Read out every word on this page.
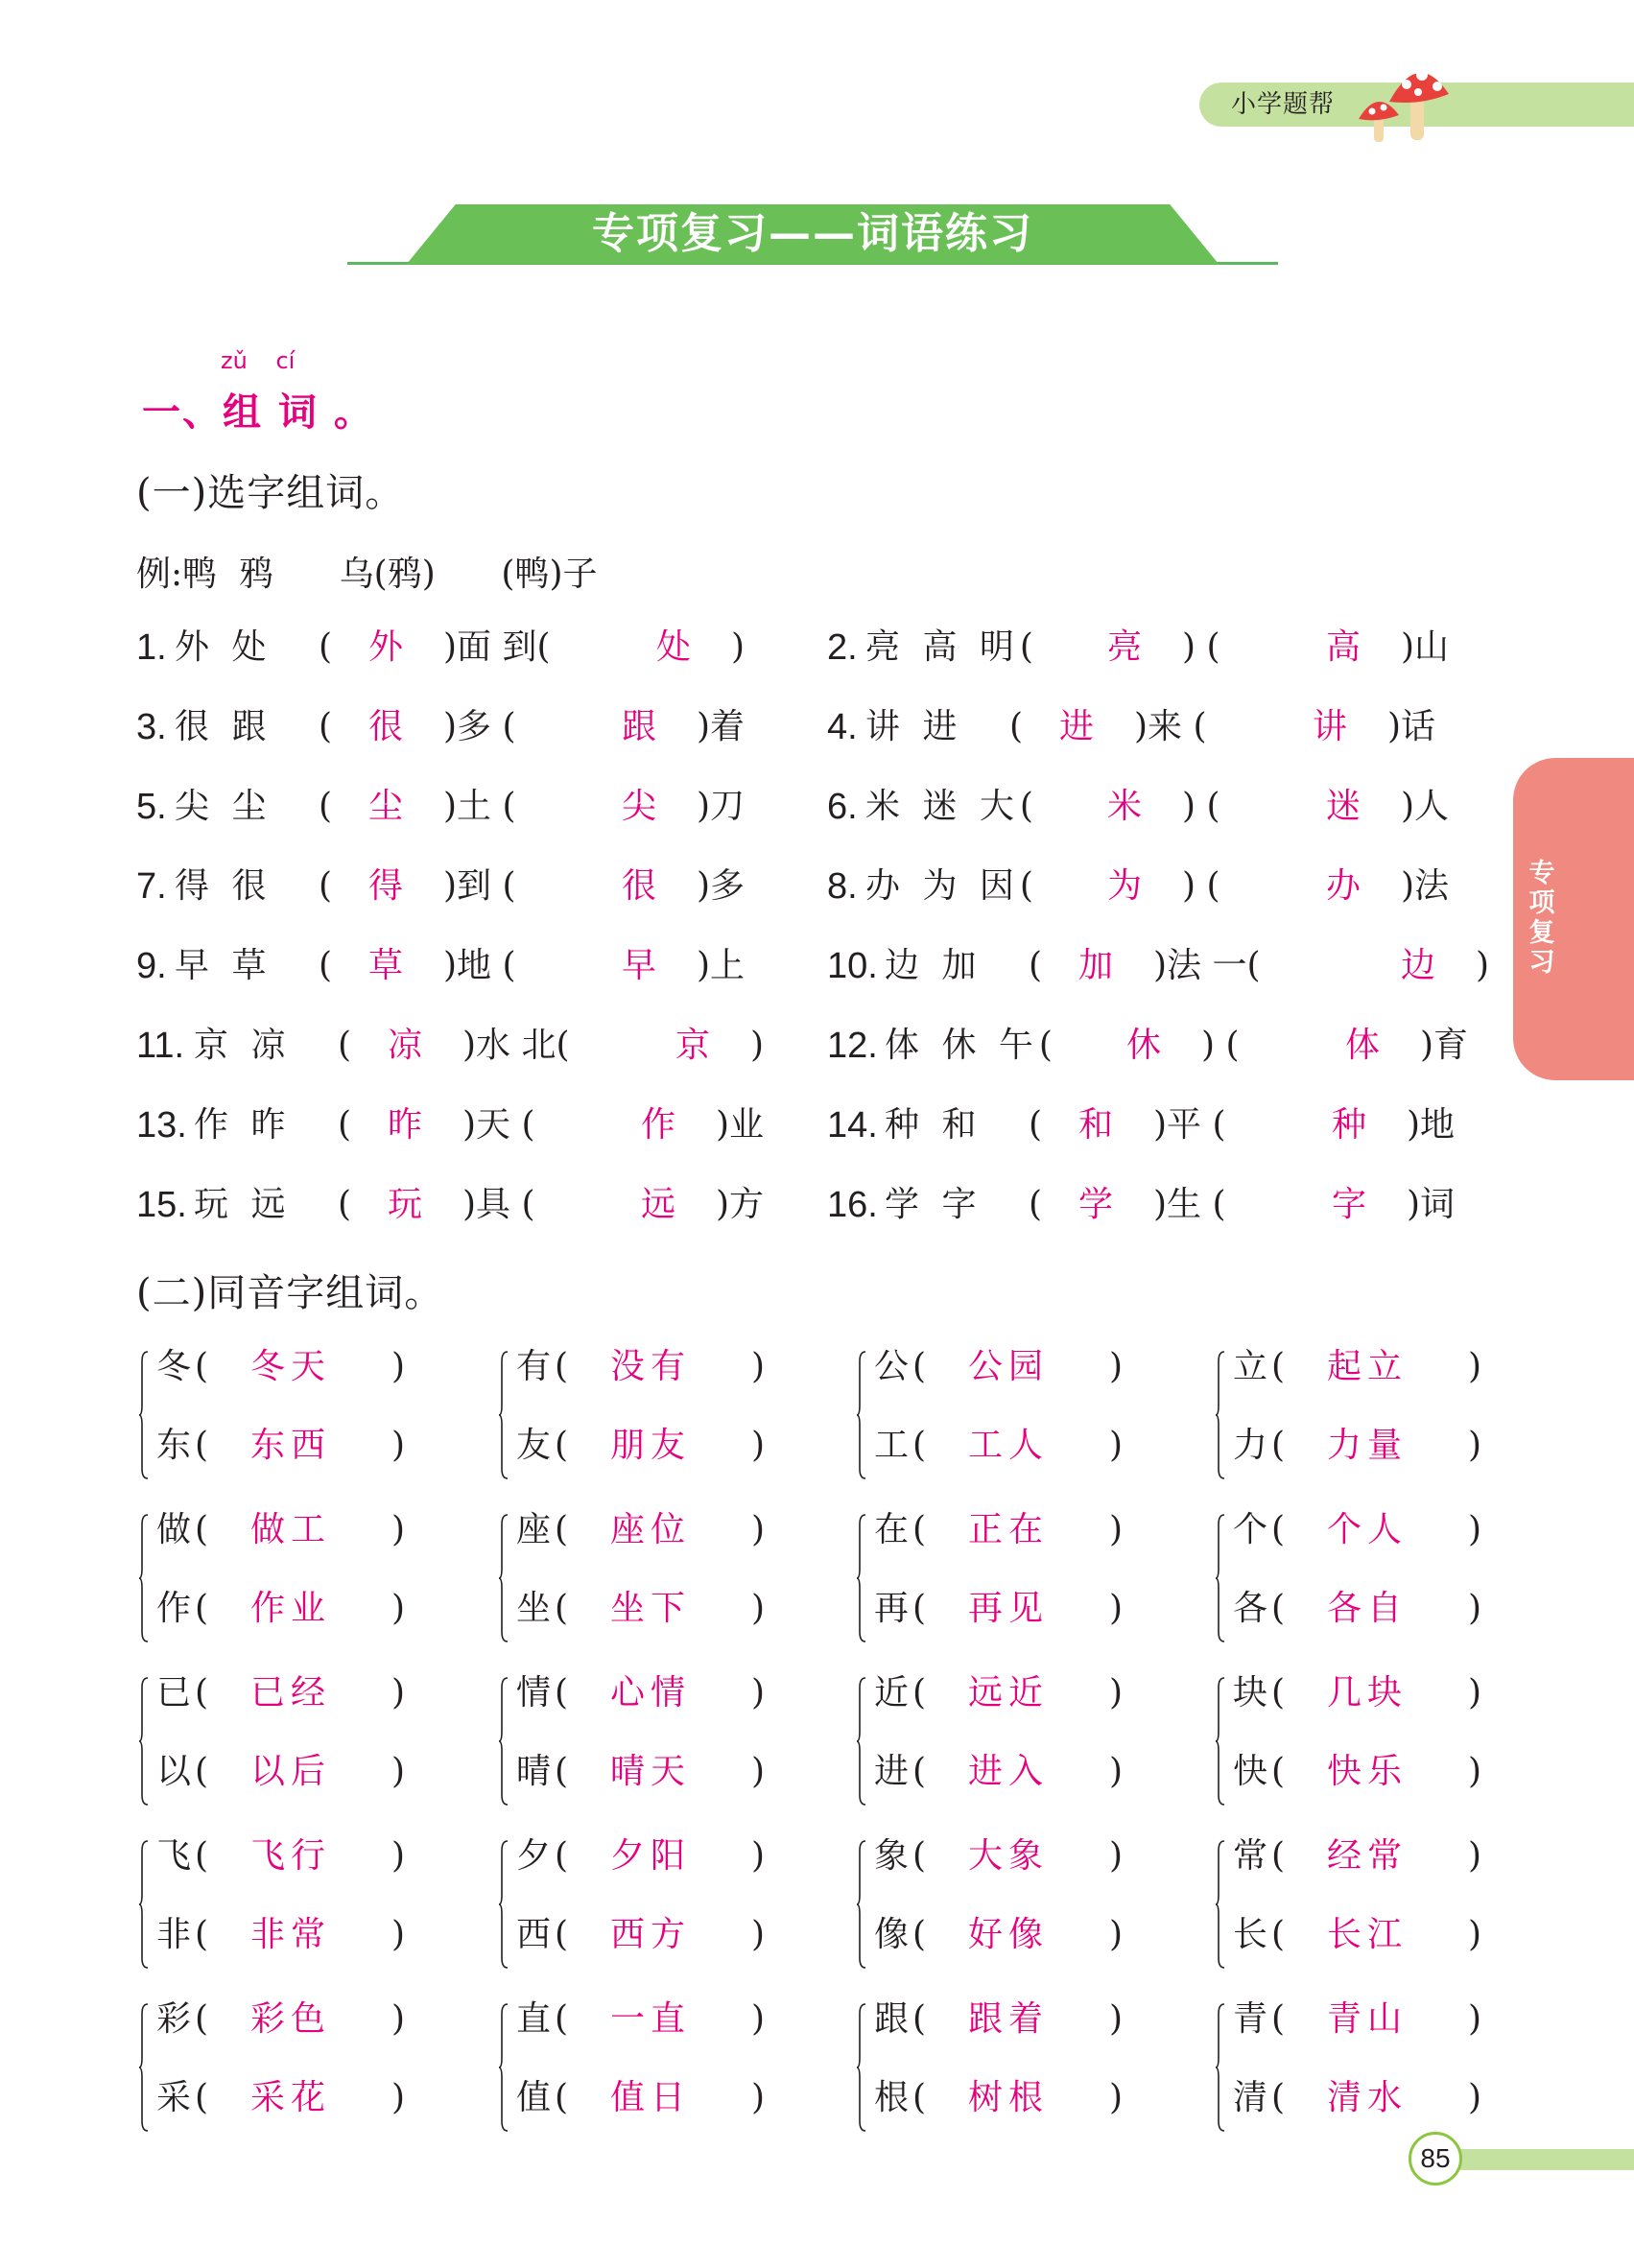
小学题帮
专项复习——词语练习
专项复习
zǔ cí
一、组 词 。
(一)选字组词。
例:鸭  鸦      乌(鸦)      (鸭)子
1. 外 处 (	外	)面 到(	处	) 2. 亮 高 明(	亮	) (	高	)山
3. 很 跟 (	很	)多 (	跟	)着 4. 讲 进 (	进	)来 (	讲	)话
5. 尖 尘 (	尘	)土 (	尖	)刀 6. 米 迷 大(	米	) (	迷	)人
7. 得 很 (	得	)到 (	很	)多 8. 办 为 因(	为	) (	办	)法
9. 早 草 (	草	)地 (	早	)上 10. 边 加 (	加	)法 一(	边	)
11. 京 凉 (	凉	)水 北(	京	) 12. 体 休 午(	休	) (	体	)育
13. 作 昨 (	昨	)天 (	作	)业 14. 种 和 (	和	)平 (	种	)地
15. 玩 远 (	玩	)具 (	远	)方 16. 学 字 (	学	)生 (	字	)词
(二)同音字组词。
冬 (	冬天	)
东 (	东西	)
有 (	没有	)
友 (	朋友	)
公 (	公园	)
工 (	工人	)
立 (	起立	)
力 (	力量	)
做 (	做工	)
作 (	作业	)
座 (	座位	)
坐 (	坐下	)
在 (	正在	)
再 (	再见	)
个 (	个人	)
各 (	各自	)
已 (	已经	)
以 (	以后	)
情 (	心情	)
晴 (	晴天	)
近 (	远近	)
进 (	进入	)
块 (	几块	)
快 (	快乐	)
飞 (	飞行	)
非 (	非常	)
夕 (	夕阳	)
西 (	西方	)
象 (	大象	)
像 (	好像	)
常 (	经常	)
长 (	长江	)
彩 (	彩色	)
采 (	采花	)
直 (	一直	)
值 (	值日	)
跟 (	跟着	)
根 (	树根	)
青 (	青山	)
清 (	清水	)
85
